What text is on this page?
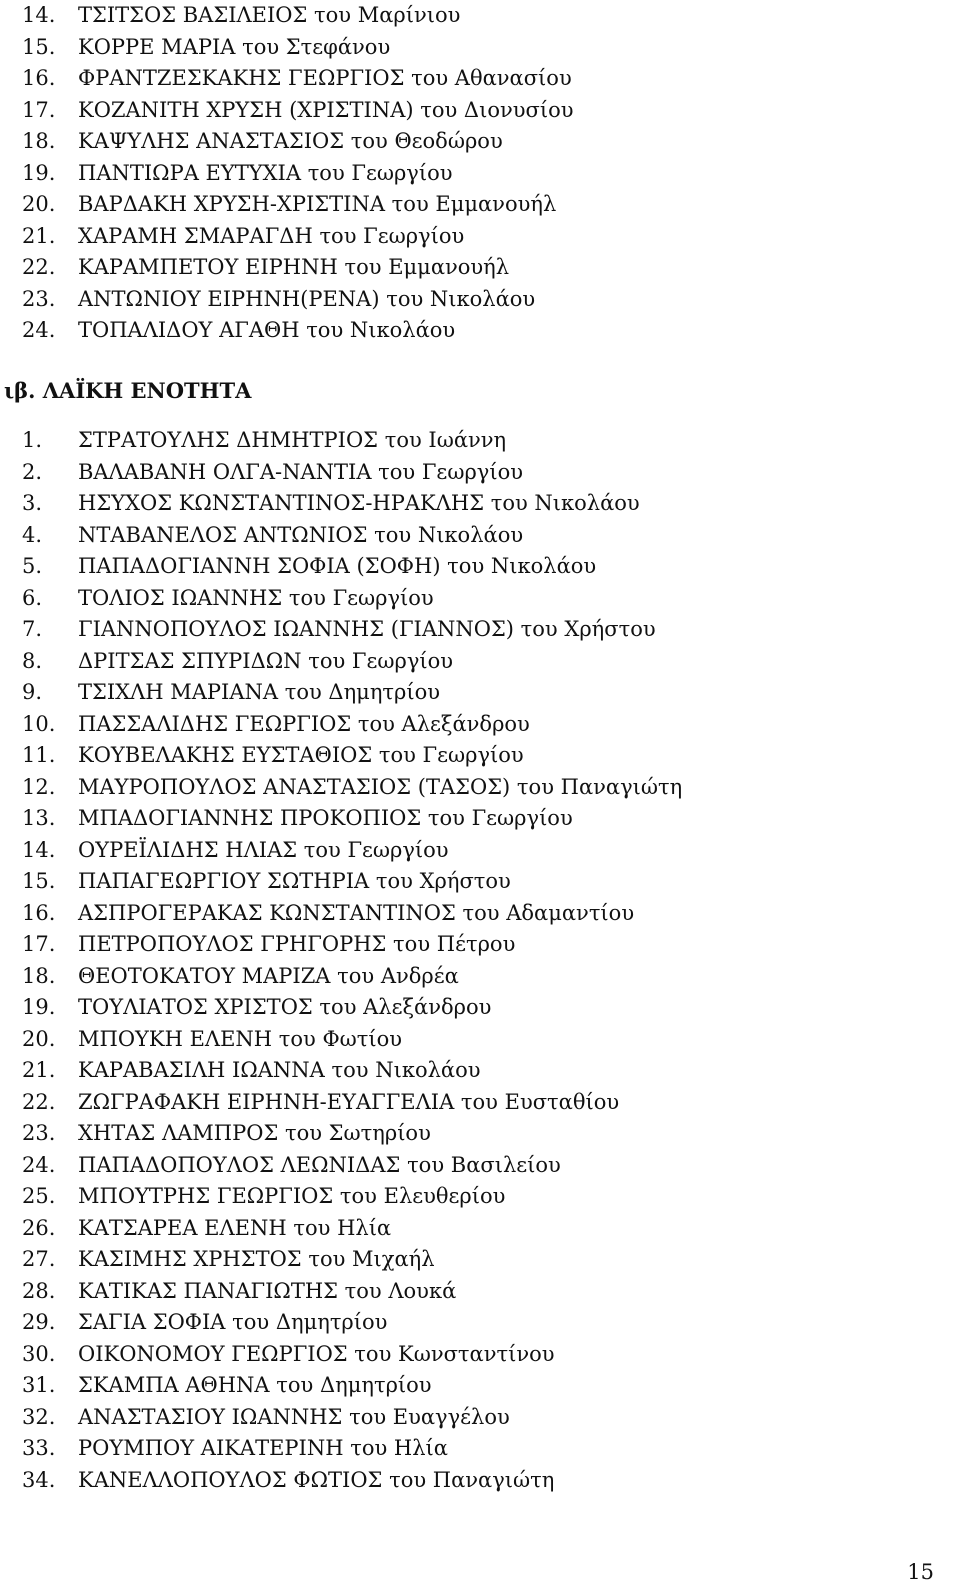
14. ΤΣΙΤΣΟΣ ΒΑΣΙΛΕΙΟΣ του Μαρίνιου
15. ΚΟΡΡΕ ΜΑΡΙΑ του Στεφάνου
16. ΦΡΑΝΤΖΕΣΚΑΚΗΣ ΓΕΩΡΓΙΟΣ του Αθανασίου
17. ΚΟΖΑΝΙΤΗ ΧΡΥΣΗ (ΧΡΙΣΤΙΝΑ) του Διονυσίου
18. ΚΑΨΥΛΗΣ ΑΝΑΣΤΑΣΙΟΣ του Θεοδώρου
19. ΠΑΝΤΙΩΡΑ ΕΥΤΥΧΙΑ του Γεωργίου
20. ΒΑΡΔΑΚΗ ΧΡΥΣΗ-ΧΡΙΣΤΙΝΑ του Εμμανουήλ
21. ΧΑΡΑΜΗ ΣΜΑΡΑΓΔΗ του Γεωργίου
22. ΚΑΡΑΜΠΕΤΟΥ ΕΙΡΗΝΗ του Εμμανουήλ
23. ΑΝΤΩΝΙΟΥ ΕΙΡΗΝΗ(ΡΕΝΑ) του Νικολάου
24. ΤΟΠΑΛΙΔΟΥ ΑΓΑΘΗ του Νικολάου
ιβ. ΛΑΪΚΗ ΕΝΟΤΗΤΑ
1. ΣΤΡΑΤΟΥΛΗΣ ΔΗΜΗΤΡΙΟΣ του Ιωάννη
2. ΒΑΛΑΒΑΝΗ ΟΛΓΑ-ΝΑΝΤΙΑ του Γεωργίου
3. ΗΣΥΧΟΣ ΚΩΝΣΤΑΝΤΙΝΟΣ-ΗΡΑΚΛΗΣ του Νικολάου
4. ΝΤΑΒΑΝΕΛΟΣ ΑΝΤΩΝΙΟΣ του Νικολάου
5. ΠΑΠΑΔΟΓΙΑΝΝΗ ΣΟΦΙΑ (ΣΟΦΗ) του Νικολάου
6. ΤΟΛΙΟΣ ΙΩΑΝΝΗΣ του Γεωργίου
7. ΓΙΑΝΝΟΠΟΥΛΟΣ ΙΩΑΝΝΗΣ (ΓΙΑΝΝΟΣ) του Χρήστου
8. ΔΡΙΤΣΑΣ ΣΠΥΡΙΔΩΝ του Γεωργίου
9. ΤΣΙΧΛΗ ΜΑΡΙΑΝΑ του Δημητρίου
10. ΠΑΣΣΑΛΙΔΗΣ ΓΕΩΡΓΙΟΣ του Αλεξάνδρου
11. ΚΟΥΒΕΛΑΚΗΣ ΕΥΣΤΑΘΙΟΣ του Γεωργίου
12. ΜΑΥΡΟΠΟΥΛΟΣ ΑΝΑΣΤΑΣΙΟΣ (ΤΑΣΟΣ) του Παναγιώτη
13. ΜΠΑΔΟΓΙΑΝΝΗΣ ΠΡΟΚΟΠΙΟΣ του Γεωργίου
14. ΟΥΡΕΪΛΙΔΗΣ ΗΛΙΑΣ του Γεωργίου
15. ΠΑΠΑΓΕΩΡΓΙΟΥ ΣΩΤΗΡΙΑ του Χρήστου
16. ΑΣΠΡΟΓΕΡΑΚΑΣ ΚΩΝΣΤΑΝΤΙΝΟΣ του Αδαμαντίου
17. ΠΕΤΡΟΠΟΥΛΟΣ ΓΡΗΓΟΡΗΣ του Πέτρου
18. ΘΕΟΤΟΚΑΤΟΥ ΜΑΡΙΖΑ του Ανδρέα
19. ΤΟΥΛΙΑΤΟΣ ΧΡΙΣΤΟΣ του Αλεξάνδρου
20. ΜΠΟΥΚΗ ΕΛΕΝΗ του Φωτίου
21. ΚΑΡΑΒΑΣΙΛΗ ΙΩΑΝΝΑ του Νικολάου
22. ΖΩΓΡΑΦΑΚΗ ΕΙΡΗΝΗ-ΕΥΑΓΓΕΛΙΑ του Ευσταθίου
23. ΧΗΤΑΣ ΛΑΜΠΡΟΣ του Σωτηρίου
24. ΠΑΠΑΔΟΠΟΥΛΟΣ ΛΕΩΝΙΔΑΣ του Βασιλείου
25. ΜΠΟΥΤΡΗΣ ΓΕΩΡΓΙΟΣ του Ελευθερίου
26. ΚΑΤΣΑΡΕΑ ΕΛΕΝΗ του Ηλία
27. ΚΑΣΙΜΗΣ ΧΡΗΣΤΟΣ του Μιχαήλ
28. ΚΑΤΙΚΑΣ ΠΑΝΑΓΙΩΤΗΣ του Λουκά
29. ΣΑΓΙΑ ΣΟΦΙΑ του Δημητρίου
30. ΟΙΚΟΝΟΜΟΥ ΓΕΩΡΓΙΟΣ του Κωνσταντίνου
31. ΣΚΑΜΠΑ ΑΘΗΝΑ του Δημητρίου
32. ΑΝΑΣΤΑΣΙΟΥ ΙΩΑΝΝΗΣ του Ευαγγέλου
33. ΡΟΥΜΠΟΥ ΑΙΚΑΤΕΡΙΝΗ του Ηλία
34. ΚΑΝΕΛΛΟΠΟΥΛΟΣ ΦΩΤΙΟΣ του Παναγιώτη
15
